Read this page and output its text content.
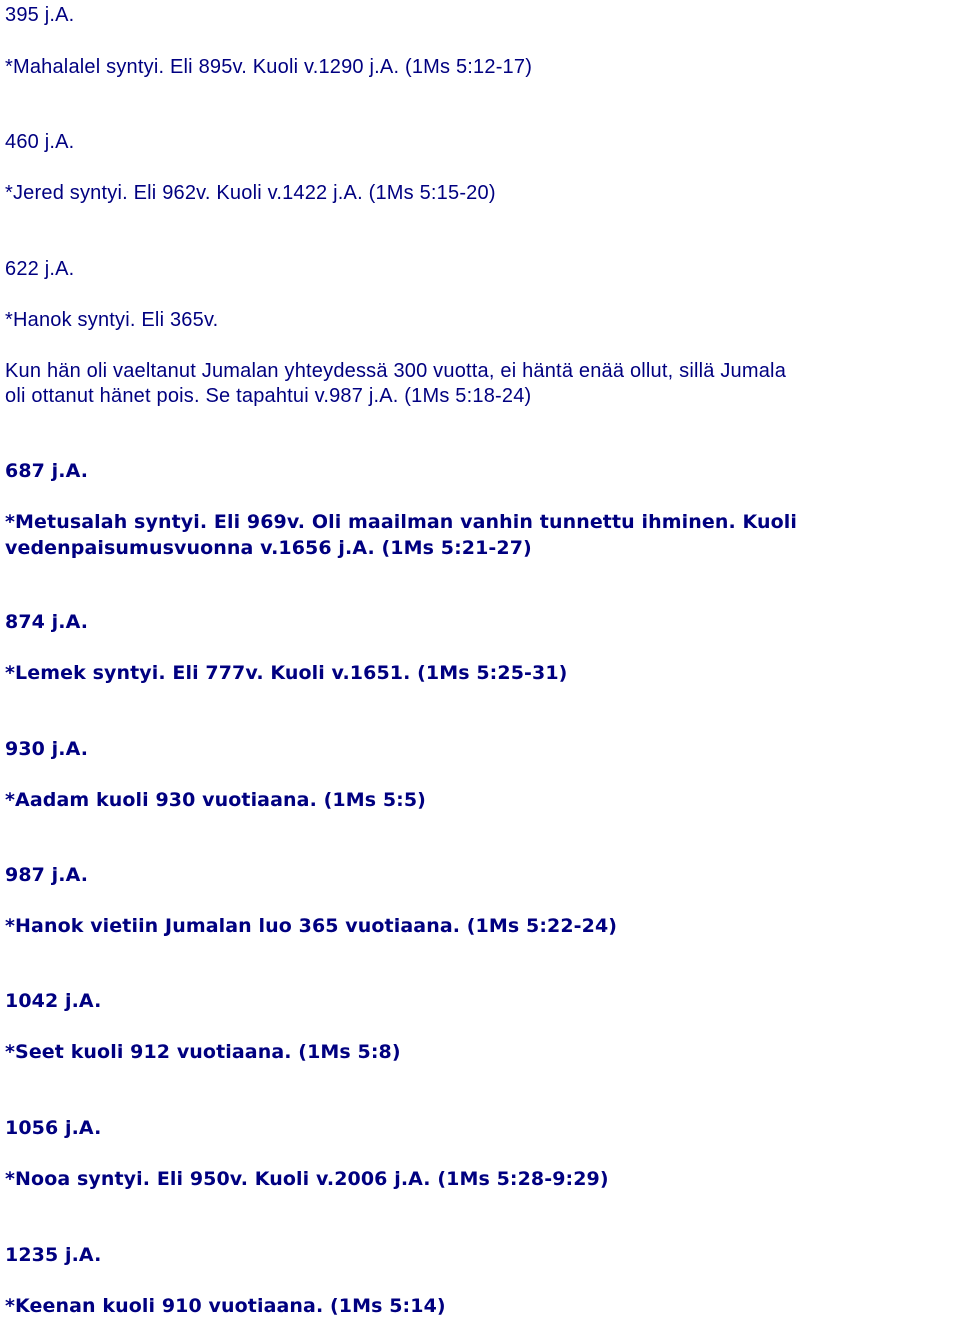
395 j.A.
*Mahalalel syntyi. Eli 895v. Kuoli v.1290 j.A. (1Ms 5:12-17)
460 j.A.
*Jered syntyi. Eli 962v. Kuoli v.1422 j.A. (1Ms 5:15-20)
622 j.A.
*Hanok syntyi. Eli 365v.
Kun hän oli vaeltanut Jumalan yhteydessä 300 vuotta, ei häntä enää ollut, sillä Jumala
oli ottanut hänet pois. Se tapahtui v.987 j.A. (1Ms 5:18-24)
687 j.A.
*Metusalah syntyi. Eli 969v. Oli maailman vanhin tunnettu ihminen. Kuoli
vedenpaisumusvuonna v.1656 j.A. (1Ms 5:21-27)
874 j.A.
*Lemek syntyi. Eli 777v. Kuoli v.1651. (1Ms 5:25-31)
930 j.A.
*Aadam kuoli 930 vuotiaana. (1Ms 5:5)
987 j.A.
*Hanok vietiin Jumalan luo 365 vuotiaana. (1Ms 5:22-24)
1042 j.A.
*Seet kuoli 912 vuotiaana. (1Ms 5:8)
1056 j.A.
*Nooa syntyi. Eli 950v. Kuoli v.2006 j.A. (1Ms 5:28-9:29)
1235 j.A.
*Keenan kuoli 910 vuotiaana. (1Ms 5:14)
